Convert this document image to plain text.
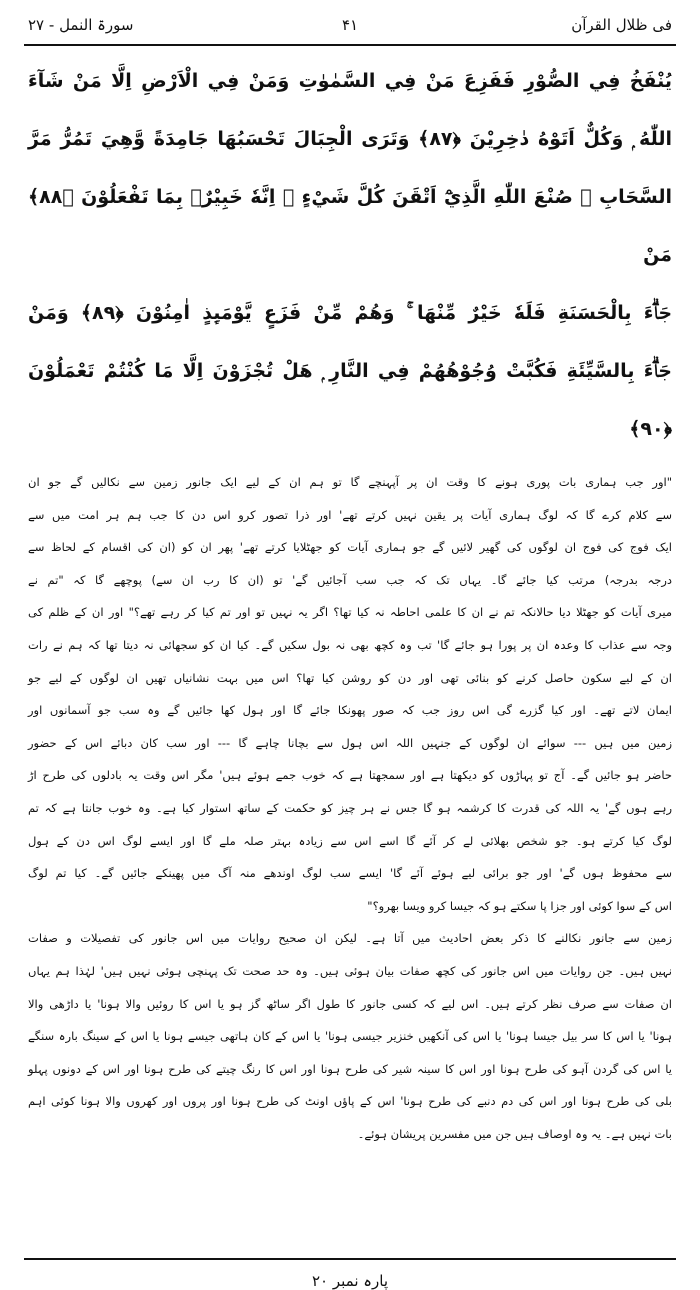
فی ظلال القرآن
۴۱
سورۃ النمل - ۲۷
يُنْفَخُ فِي الصُّوْرِ فَفَزِعَ مَنْ فِي السَّمٰوٰتِ وَمَنْ فِي الْاَرْضِ اِلَّا مَنْ شَآءَ
اللّٰهُ ۭ وَكُلٌّ اَتَوْهُ دٰخِرِيْنَ ﴿٨٧﴾ وَتَرَى الْجِبَالَ تَحْسَبُهَا جَامِدَةً وَّهِيَ تَمُرُّ مَرَّ
السَّحَابِ ۭ صُنْعَ اللّٰهِ الَّذِيْٓ اَتْقَنَ كُلَّ شَيْءٍ ۭ اِنَّهٗ خَبِيْرٌۢ بِمَا تَفْعَلُوْنَ ﴿٨٨﴾ مَنْ
جَاۗءَ بِالْحَسَنَةِ فَلَهٗ خَيْرٌ مِّنْهَا ۚ وَهُمْ مِّنْ فَزَعٍ يَّوْمَىِٕذٍ اٰمِنُوْنَ ﴿٨٩﴾ وَمَنْ
جَاۗءَ بِالسَّيِّئَةِ فَكُبَّتْ وُجُوْهُهُمْ فِي النَّارِ ۭ هَلْ تُجْزَوْنَ اِلَّا مَا كُنْتُمْ تَعْمَلُوْنَ ﴿٩٠﴾
"اور جب ہماری بات پوری ہونے کا وقت ان پر آپہنچے گا تو ہم ان کے لیے ایک جانور زمین سے نکالیں گے جو ان
سے کلام کرے گا کہ لوگ ہماری آیات پر یقین نہیں کرتے تھے' اور ذرا تصور کرو اس دن کا جب ہم ہر امت میں سے
ایک فوج کی فوج ان لوگوں کی گھیر لائیں گے جو ہماری آیات کو جھٹلایا کرتے تھے' پھر ان کو (ان کی اقسام کے لحاظ سے
درجہ بدرجہ) مرتب کیا جائے گا۔ یہاں تک کہ جب سب آجائیں گے' تو (ان کا رب ان سے) پوچھے گا کہ "تم نے
میری آیات کو جھٹلا دیا حالانکہ تم نے ان کا علمی احاطہ نہ کیا تھا؟ اگر یہ نہیں تو اور تم کیا کر رہے تھے؟" اور ان کے ظلم کی
وجہ سے عذاب کا وعدہ ان پر پورا ہو جائے گا' تب وہ کچھ بھی نہ بول سکیں گے۔ کیا ان کو سجھائی نہ دیتا تھا کہ ہم نے رات
ان کے لیے سکون حاصل کرنے کو بنائی تھی اور دن کو روشن کیا تھا؟ اس میں بہت نشانیاں تھیں ان لوگوں کے لیے جو
ایمان لاتے تھے۔ اور کیا گزرے گی اس روز جب کہ صور پھونکا جائے گا اور ہول کھا جائیں گے وہ سب جو آسمانوں اور
زمین میں ہیں --- سوائے ان لوگوں کے جنہیں اللہ اس ہول سے بچانا چاہے گا --- اور سب کان دبائے اس کے حضور
حاضر ہو جائیں گے۔ آج تو پہاڑوں کو دیکھتا ہے اور سمجھتا ہے کہ خوب جمے ہوئے ہیں' مگر اس وقت یہ بادلوں کی طرح اڑ
رہے ہوں گے' یہ اللہ کی قدرت کا کرشمہ ہو گا جس نے ہر چیز کو حکمت کے ساتھ استوار کیا ہے۔ وہ خوب جانتا ہے کہ تم
لوگ کیا کرتے ہو۔ جو شخص بھلائی لے کر آئے گا اسے اس سے زیادہ بہتر صلہ ملے گا اور ایسے لوگ اس دن کے ہول
سے محفوظ ہوں گے' اور جو برائی لیے ہوئے آئے گا' ایسے سب لوگ اوندھے منہ آگ میں پھینکے جائیں گے۔ کیا تم لوگ
اس کے سوا کوئی اور جزا پا سکتے ہو کہ جیسا کرو ویسا بھرو؟"
زمین سے جانور نکالنے کا ذکر بعض احادیث میں آتا ہے۔ لیکن ان صحیح روایات میں اس جانور کی تفصیلات و صفات
نہیں ہیں۔ جن روایات میں اس جانور کی کچھ صفات بیان ہوئی ہیں۔ وہ حد صحت تک پہنچی ہوئی نہیں ہیں' لہٰذا ہم یہاں
ان صفات سے صرف نظر کرتے ہیں۔ اس لیے کہ کسی جانور کا طول اگر ساٹھ گز ہو یا اس کا روئیں والا ہونا' یا داڑھی والا
ہونا' یا اس کا سر بیل جیسا ہونا' یا اس کی آنکھیں خنزیر جیسی ہونا' یا اس کے کان ہاتھی جیسے ہونا یا اس کے سینگ بارہ سنگے
یا اس کی گردن آہو کی طرح ہونا اور اس کا سینہ شیر کی طرح ہونا اور اس کا رنگ چیتے کی طرح ہونا اور اس کے دونوں پہلو
بلی کی طرح ہونا اور اس کی دم دنبے کی طرح ہونا' اس کے پاؤں اونٹ کی طرح ہونا اور پروں اور کھروں والا ہونا کوئی اہم
بات نہیں ہے۔ یہ وہ اوصاف ہیں جن میں مفسرین پریشان ہوئے۔
پارہ نمبر ۲۰
